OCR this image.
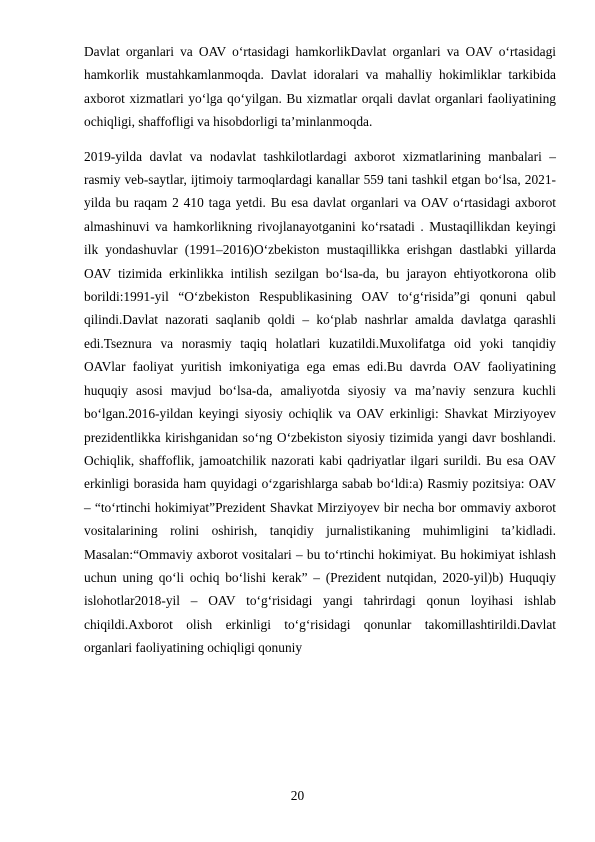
Davlat organlari va OAV o‘rtasidagi hamkorlikDavlat organlari va OAV o‘rtasidagi hamkorlik mustahkamlanmoqda. Davlat idoralari va mahalliy hokimliklar tarkibida axborot xizmatlari yo‘lga qo‘yilgan. Bu xizmatlar orqali davlat organlari faoliyatining ochiqligi, shaffofligi va hisobdorligi ta’minlanmoqda.

2019-yilda davlat va nodavlat tashkilotlardagi axborot xizmatlarining manbalari – rasmiy veb-saytlar, ijtimoiy tarmoqlardagi kanallar 559 tani tashkil etgan bo‘lsa, 2021-yilda bu raqam 2 410 taga yetdi. Bu esa davlat organlari va OAV o‘rtasidagi axborot almashinuvi va hamkorlikning rivojlanayotganini ko‘rsatadi . Mustaqillikdan keyingi ilk yondashuvlar (1991–2016)O‘zbekiston mustaqillikka erishgan dastlabki yillarda OAV tizimida erkinlikka intilish sezilgan bo‘lsa-da, bu jarayon ehtiyotkorona olib borildi:1991-yil “O‘zbekiston Respublikasining OAV to‘g‘risida”gi qonuni qabul qilindi.Davlat nazorati saqlanib qoldi – ko‘plab nashrlar amalda davlatga qarashli edi.Tseznura va norasmiy taqiq holatlari kuzatildi.Muxolifatga oid yoki tanqidiy OAVlar faoliyat yuritish imkoniyatiga ega emas edi.Bu davrda OAV faoliyatining huquqiy asosi mavjud bo‘lsa-da, amaliyotda siyosiy va ma’naviy senzura kuchli bo‘lgan.2016-yildan keyingi siyosiy ochiqlik va OAV erkinligi: Shavkat Mirziyoyev prezidentlikka kirishganidan so‘ng O‘zbekiston siyosiy tizimida yangi davr boshlandi. Ochiqlik, shaffoflik, jamoatchilik nazorati kabi qadriyatlar ilgari surildi. Bu esa OAV erkinligi borasida ham quyidagi o‘zgarishlarga sabab bo‘ldi:a) Rasmiy pozitsiya: OAV – “to‘rtinchi hokimiyat”Prezident Shavkat Mirziyoyev bir necha bor ommaviy axborot vositalarining rolini oshirish, tanqidiy jurnalistikaning muhimligini ta’kidladi. Masalan:“Ommaviy axborot vositalari – bu to‘rtinchi hokimiyat. Bu hokimiyat ishlash uchun uning qo‘li ochiq bo‘lishi kerak” – (Prezident nutqidan, 2020-yil)b) Huquqiy islohotlar2018-yil – OAV to‘g‘risidagi yangi tahrirdagi qonun loyihasi ishlab chiqildi.Axborot olish erkinligi to‘g‘risidagi qonunlar takomillashtirildi.Davlat organlari faoliyatining ochiqligi qonuniy

20
